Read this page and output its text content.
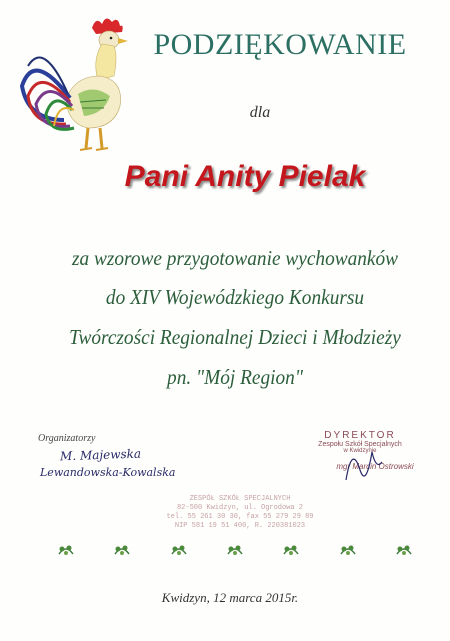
PODZIĘKOWANIE
dla
Pani Anity Pielak
za wzorowe przygotowanie wychowanków
do XIV Wojewódzkiego Konkursu
Twórczości Regionalnej Dzieci i Młodzieży
pn. "Mój Region"
Organizatorzy
M. Majewska
Lewandowska-Kowalska
DYREKTOR
Zespołu Szkół Specjalnych
w Kwidzynie
mgr Marcin Ostrowski
ZESPÓŁ SZKÓŁ SPECJALNYCH
82-500 Kwidzyn, ul. Ogrodowa 2
tel. 55 261 30 30, fax 55 279 29 89
NIP 581 19 51 400, R. 220381023
Kwidzyn, 12 marca 2015r.
